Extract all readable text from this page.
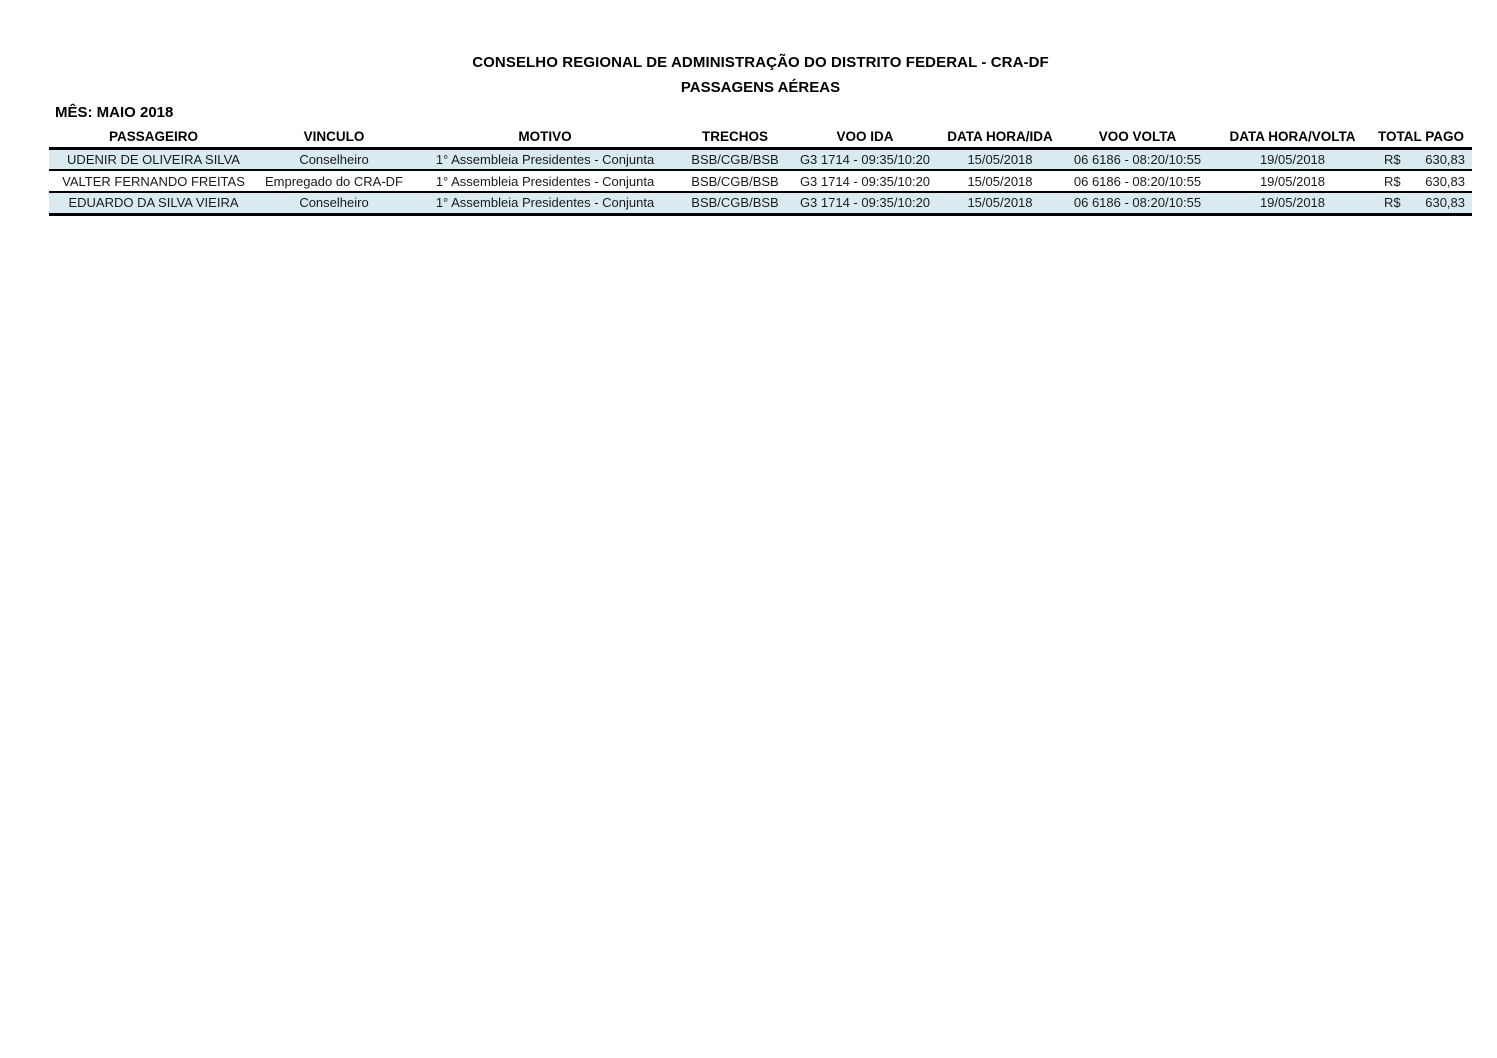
CONSELHO REGIONAL DE ADMINISTRAÇÃO DO DISTRITO FEDERAL - CRA-DF
PASSAGENS AÉREAS
MÊS: MAIO 2018
PASSAGEIRO	VINCULO	MOTIVO	TRECHOS	VOO IDA	DATA HORA/IDA	VOO VOLTA	DATA HORA/VOLTA	TOTAL PAGO
UDENIR DE OLIVEIRA SILVA	Conselheiro	1° Assembleia Presidentes - Conjunta	BSB/CGB/BSB	G3 1714 - 09:35/10:20	15/05/2018	06 6186 - 08:20/10:55	19/05/2018	R$ 630,83

VALTER FERNANDO FREITAS	Empregado do CRA-DF	1° Assembleia Presidentes - Conjunta	BSB/CGB/BSB	G3 1714 - 09:35/10:20	15/05/2018	06 6186 - 08:20/10:55	19/05/2018	R$ 630,83

EDUARDO DA SILVA VIEIRA	Conselheiro	1° Assembleia Presidentes - Conjunta	BSB/CGB/BSB	G3 1714 - 09:35/10:20	15/05/2018	06 6186 - 08:20/10:55	19/05/2018	R$ 630,83
